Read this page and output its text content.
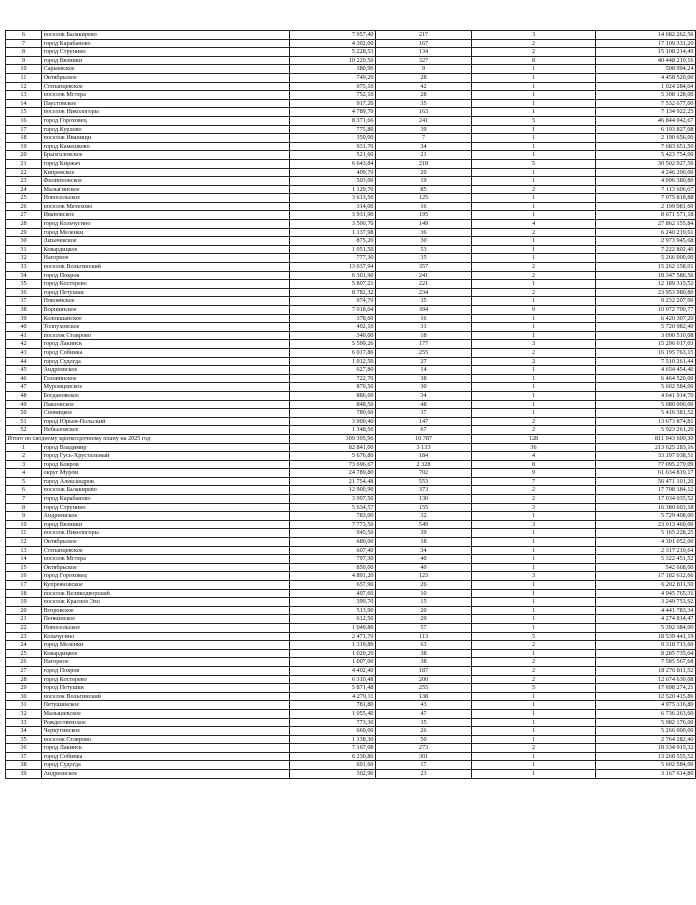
6	поселок Балакирево	7 957,40	217	3	14 682 262,56
7	город Карабаново	4 302,00	167	2	17 109 331,20
8	город Струнино	5 228,53	134	2	15 108 214,49
9	город Вязники	10 229,50	327	8	40 448 210,16
10	Сарыевское	380,90	9	1	508 994,24
11	Октябрьское	749,20	28	1	4 458 520,00
12	Степанцевское	975,10	42	1	1 024 284,04
13	поселок Мстера	752,10	28	1	5 308 128,00
14	Паустовское	917,20	35	1	7 532 677,00
15	поселок Никологоры	4 789,70	163	1	7 134 922,25
16	город Гороховец	8 371,66	241	5	46 844 042,67
17	город Курлово	775,80	39	1	6 193 827,08
18	поселок Иванищи	350,00	7	1	2 190 656,00
19	город Камешково	931,70	34	1	7 683 651,50
20	Брызгаловское	521,60	21	1	5 423 754,00
21	город Киржач	6 643,84	218	5	30 502 927,50
22	Кипревское	409,70	20	1	4 246 200,00
23	Филипповское	503,00	19	1	4 996 380,80
24	Малыгинское	1 129,70	85	2	7 113 606,07
25	Новосельское	3 613,50	125	1	7 075 818,88
26	поселок Мелехово	314,00	16	1	2 199 081,60
27	Ивановское	3 931,90	195	1	8 671 571,18
28	город Кольчугино	3 500,70	149	4	27 862 155,84
29	город Меленки	1 137,98	36	2	6 240 219,61
30	Лихачевское	875,20	30	1	2 973 945,68
31	Ковардицкое	1 051,50	53	1	7 222 802,40
32	Нагорное	777,30	35	1	5 266 000,00
33	поселок Вольгинский	13 037,94	357	2	15 262 158,01
34	город Покров	6 301,90	241	2	18 347 586,56
35	город Костерево	5 897,21	221	1	12 189 315,52
36	город Петушки	8 782,32	234	2	23 953 980,80
37	Новлянское	974,70	35	1	9 232 207,00
38	Воршинское	7 018,04	394	9	10 072 790,77
39	Колокшанское	378,60	16	1	6 420 307,20
40	Толпуховское	492,10	31	1	5 720 982,40
41	поселок Ставрово	340,00	18	1	3 090 510,08
42	город Лакинск	5 599,26	177	3	15 296 017,03
43	город Собинка	6 017,86	255	2	16 195 763,15
44	город Судогда	1 012,50	27	2	7 510 261,44
45	Андреевское	627,80	14	1	4 654 454,40
46	Головинское	722,70	38	1	6 464 520,00
47	Муромцевское	879,50	30	1	5 602 584,00
48	Богдановское	886,60	34	1	4 641 914,70
49	Павловское	848,50	48	1	5 080 000,00
50	Сновицкое	780,60	37	1	5 416 381,52
51	город Юрьев-Польский	3 900,40	147	2	13 673 874,81
52	Небыловское	1 348,50	67	2	5 923 261,20
Итого по сводному краткосрочному плану на 2025 год		309 395,96	10 787	128	811 943 600,30
1	город Владимир	82 841,00	3 133	36	213 625 283,16
2	город Гусь-Хрустальный	5 676,80	184	4	33 197 038,51
3	город Ковров	73 696,67	2 328	8	77 095 279,09
4	округ Муром	24 789,80	702	9	61 634 819,17
5	город Александров	21 754,48	553	7	56 471 101,20
6	поселок Балакирево	12 900,90	373	2	17 708 184,12
7	город Карабаново	3 997,50	130	2	17 034 035,52
8	город Струнино	5 634,57	155	3	16 380 603,18
9	Андреевское	783,00	32	1	5 729 408,00
10	город Вязники	7 773,50	549	3	23 013 460,00
11	поселок Никологоры	945,50	39	1	5 165 228,25
12	Октябрьское	680,00	18	1	4 301 052,00
13	Степанцевское	607,40	34	1	2 317 210,64
14	поселок Мстера	797,30	40	1	5 322 451,52
15	Октябрьское	850,00	40	1	542 668,00
16	город Гороховец	4 891,20	123	3	17 182 612,66
17	Купреяновское	657,90	26	1	6 202 811,50
18	поселок Великодворский	497,60	10	1	4 945 765,31
19	поселок Красное Эхо	399,70	15	1	3 249 753,92
20	Второвское	513,90	20	1	4 441 783,34
21	Пенкинское	612,50	29	1	4 274 814,47
22	Новосельское	1 049,80	57	1	5 392 384,00
23	Кольчугино	2 471,70	113	5	18 539 441,19
24	город Меленки	1 319,89	63	2	9 318 713,60
25	Ковардицкое	1 020,20	38	1	8 285 735,04
26	Нагорное	1 007,00	38	2	7 585 567,68
27	город Покров	4 402,40	187	2	18 276 811,52
28	город Костерево	6 310,48	200	2	12 674 630,08
29	город Петушки	5 871,48	255	5	17 698 274,21
30	поселок Вольгинский	4 279,11	138	1	12 520 415,86
31	Петушинское	781,80	43	1	4 975 316,80
32	Малышевское	1 055,40	47	1	6 736 263,60
33	Рождественское	773,30	35	1	5 982 176,00
34	Черкутинское	660,00	26	1	5 266 000,00
35	поселок Ставрово	1 138,30	50	1	2 764 282,40
36	город Лакинск	7 167,08	273	2	18 334 915,32
37	город Собинка	6 230,86	301	1	13 268 555,52
38	город Судогда	691,60	17	1	5 602 584,00
39	Андреевское	302,90	23	1	3 167 614,80
